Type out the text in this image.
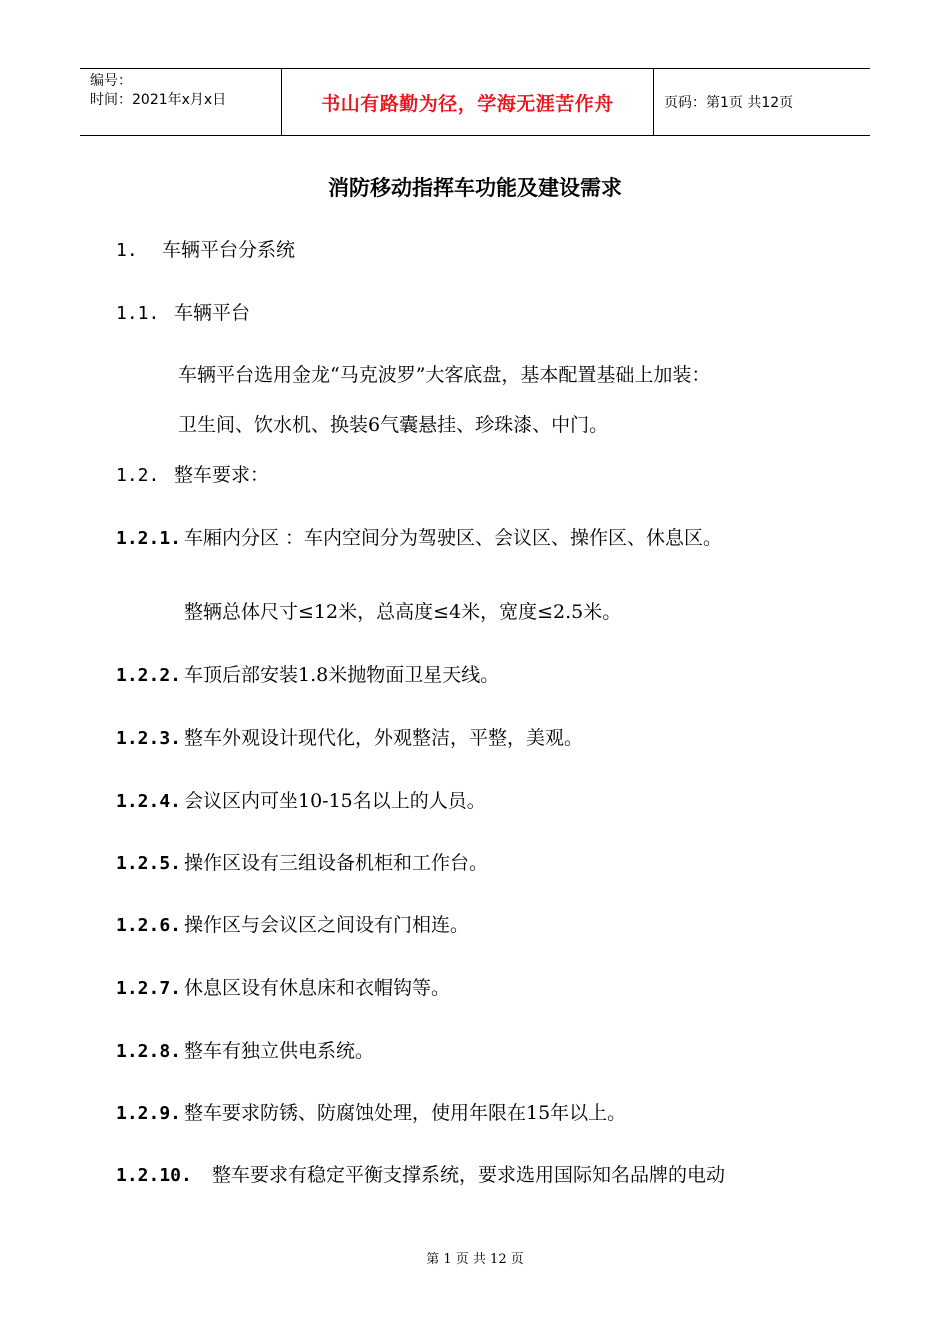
编号：
时间：2021年x月x日	书山有路勤为径，学海无涯苦作舟	页码：第1页 共12页
消防移动指挥车功能及建设需求
1. 车辆平台分系统
1.1. 车辆平台
车辆平台选用金龙“马克波罗”大客底盘，基本配置基础上加装：
卫生间、饮水机、换装6气囊悬挂、珍珠漆、中门。
1.2. 整车要求：
1.2.1. 车厢内分区 ：车内空间分为驾驶区、会议区、操作区、休息区。
整辆总体尺寸≤12米，总高度≤4米，宽度≤2.5米。
1.2.2. 车顶后部安装1.8米抛物面卫星天线。
1.2.3. 整车外观设计现代化，外观整洁，平整，美观。
1.2.4. 会议区内可坐10-15名以上的人员。
1.2.5. 操作区设有三组设备机柜和工作台。
1.2.6. 操作区与会议区之间设有门相连。
1.2.7. 休息区设有休息床和衣帽钩等。
1.2.8. 整车有独立供电系统。
1.2.9. 整车要求防锈、防腐蚀处理，使用年限在15年以上。
1.2.10. 整车要求有稳定平衡支撑系统，要求选用国际知名品牌的电动
第 1 页 共 12 页
